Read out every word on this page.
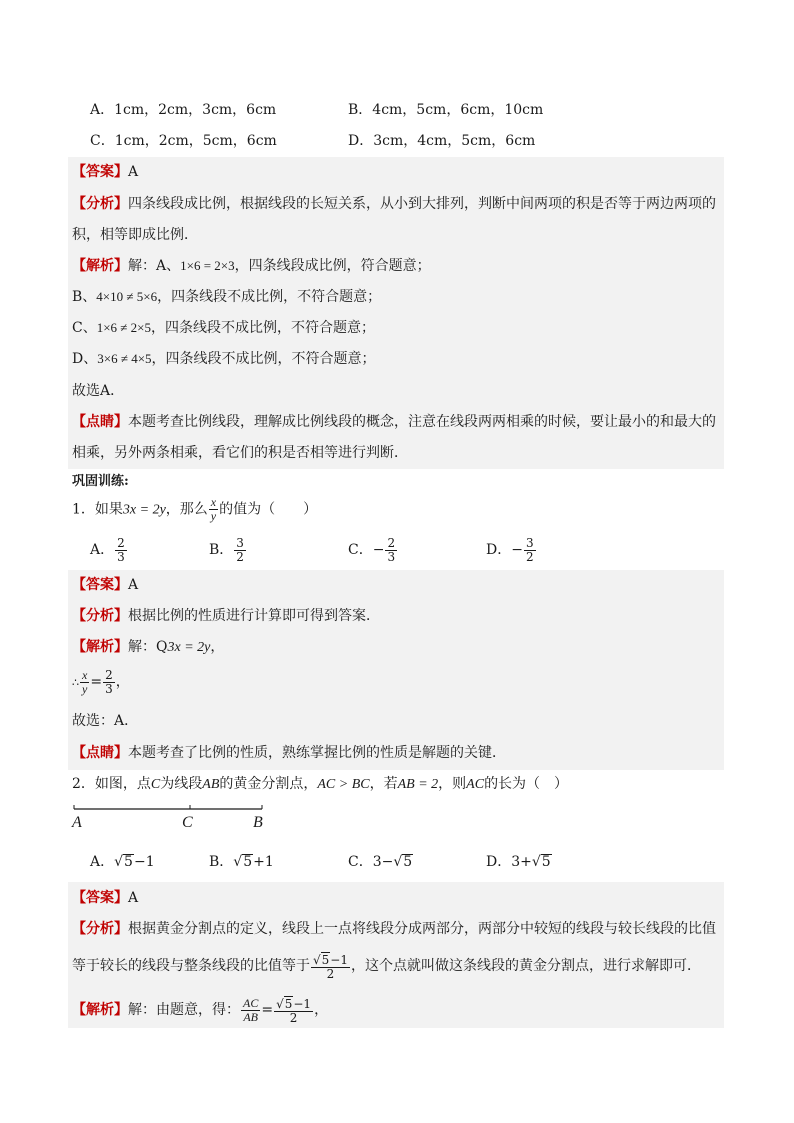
A．1cm，2cm，3cm，6cm	B．4cm，5cm，6cm，10cm
C．1cm，2cm，5cm，6cm	D．3cm，4cm，5cm，6cm
【答案】A
【分析】四条线段成比例，根据线段的长短关系，从小到大排列，判断中间两项的积是否等于两边两项的
积，相等即成比例．
【解析】解：A、1×6 = 2×3，四条线段成比例，符合题意；
B、4×10 ≠ 5×6，四条线段不成比例，不符合题意；
C、1×6 ≠ 2×5，四条线段不成比例，不符合题意；
D、3×6 ≠ 4×5，四条线段不成比例，不符合题意；
故选A．
【点睛】本题考查比例线段，理解成比例线段的概念，注意在线段两两相乘的时候，要让最小的和最大的
相乘，另外两条相乘，看它们的积是否相等进行判断．
巩固训练:
1．如果3x = 2y，那么 $\frac{x}{y}$ 的值为（　　）
A． $\frac{2}{3}$	B． $\frac{3}{2}$	C．− $\frac{2}{3}$	D．− $\frac{3}{2}$
【答案】A
【分析】根据比例的性质进行计算即可得到答案．
【解析】解：Q3x = 2y，
∴ $\frac{x}{y} = \frac{2}{3}$ ，
故选：A．
【点睛】本题考查了比例的性质，熟练掌握比例的性质是解题的关键．
2．如图，点C为线段AB的黄金分割点，AC > BC，若AB = 2，则AC的长为（　）
A	C	B
A．√5−1	B．√5+1	C．3−√5	D．3+√5
【答案】A
【分析】根据黄金分割点的定义，线段上一点将线段分成两部分，两部分中较短的线段与较长线段的比值
等于较长的线段与整条线段的比值等于 $\frac{√5-1}{2}$ ，这个点就叫做这条线段的黄金分割点，进行求解即可．
【解析】解：由题意，得： $\frac{AC}{AB} = \frac{√5-1}{2}$ ，
